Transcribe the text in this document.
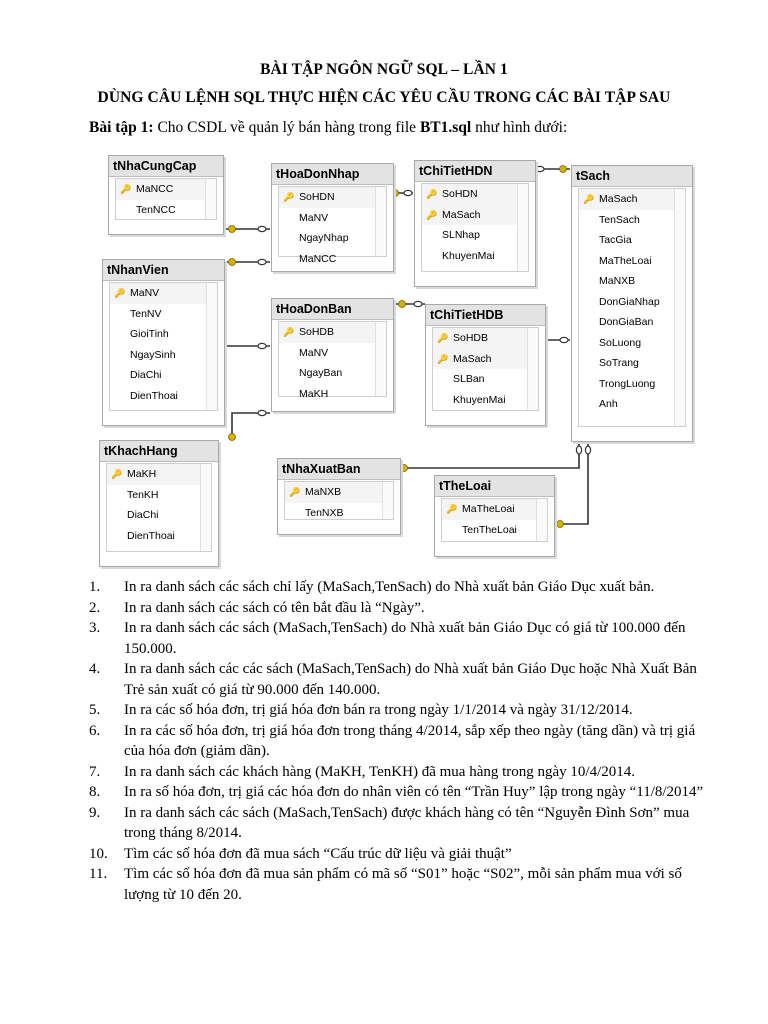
BÀI TẬP NGÔN NGỮ SQL – LẦN 1
DÙNG CÂU LỆNH SQL THỰC HIỆN CÁC YÊU CẦU TRONG CÁC BÀI TẬP SAU
Bài tập 1: Cho CSDL về quản lý bán hàng trong file BT1.sql như hình dưới:
tNhaCungCap
🔑 MaNCC
TenNCC
tHoaDonNhap
🔑 SoHDN
MaNV
NgayNhap
MaNCC
tChiTietHDN
🔑 SoHDN
🔑 MaSach
SLNhap
KhuyenMai
tSach
🔑 MaSach
TenSach
TacGia
MaTheLoai
MaNXB
DonGiaNhap
DonGiaBan
SoLuong
SoTrang
TrongLuong
Anh
tNhanVien
🔑 MaNV
TenNV
GioiTinh
NgaySinh
DiaChi
DienThoai
tHoaDonBan
🔑 SoHDB
MaNV
NgayBan
MaKH
tChiTietHDB
🔑 SoHDB
🔑 MaSach
SLBan
KhuyenMai
tKhachHang
🔑 MaKH
TenKH
DiaChi
DienThoai
tNhaXuatBan
🔑 MaNXB
TenNXB
tTheLoai
🔑 MaTheLoai
TenTheLoai
1. In ra danh sách các sách chỉ lấy (MaSach,TenSach) do Nhà xuất bản Giáo Dục xuất bản.
2. In ra danh sách các sách có tên bắt đầu là “Ngày”.
3. In ra danh sách các sách (MaSach,TenSach) do Nhà xuất bản Giáo Dục có giá từ 100.000 đến 150.000.
4. In ra danh sách các các sách (MaSach,TenSach) do Nhà xuất bản Giáo Dục hoặc Nhà Xuất Bản Trẻ sản xuất có giá từ 90.000 đến 140.000.
5. In ra các số hóa đơn, trị giá hóa đơn bán ra trong ngày 1/1/2014 và ngày 31/12/2014.
6. In ra các số hóa đơn, trị giá hóa đơn trong tháng 4/2014, sắp xếp theo ngày (tăng dần) và trị giá của hóa đơn (giảm dần).
7. In ra danh sách các khách hàng (MaKH, TenKH) đã mua hàng trong ngày 10/4/2014.
8. In ra số hóa đơn, trị giá các hóa đơn do nhân viên có tên “Trần Huy” lập trong ngày “11/8/2014”
9. In ra danh sách các sách (MaSach,TenSach) được khách hàng có tên “Nguyễn Đình Sơn” mua trong tháng 8/2014.
10. Tìm các số hóa đơn đã mua sách “Cấu trúc dữ liệu và giải thuật”
11. Tìm các số hóa đơn đã mua sản phẩm có mã số “S01” hoặc “S02”, mỗi sản phẩm mua với số lượng từ 10 đến 20.
